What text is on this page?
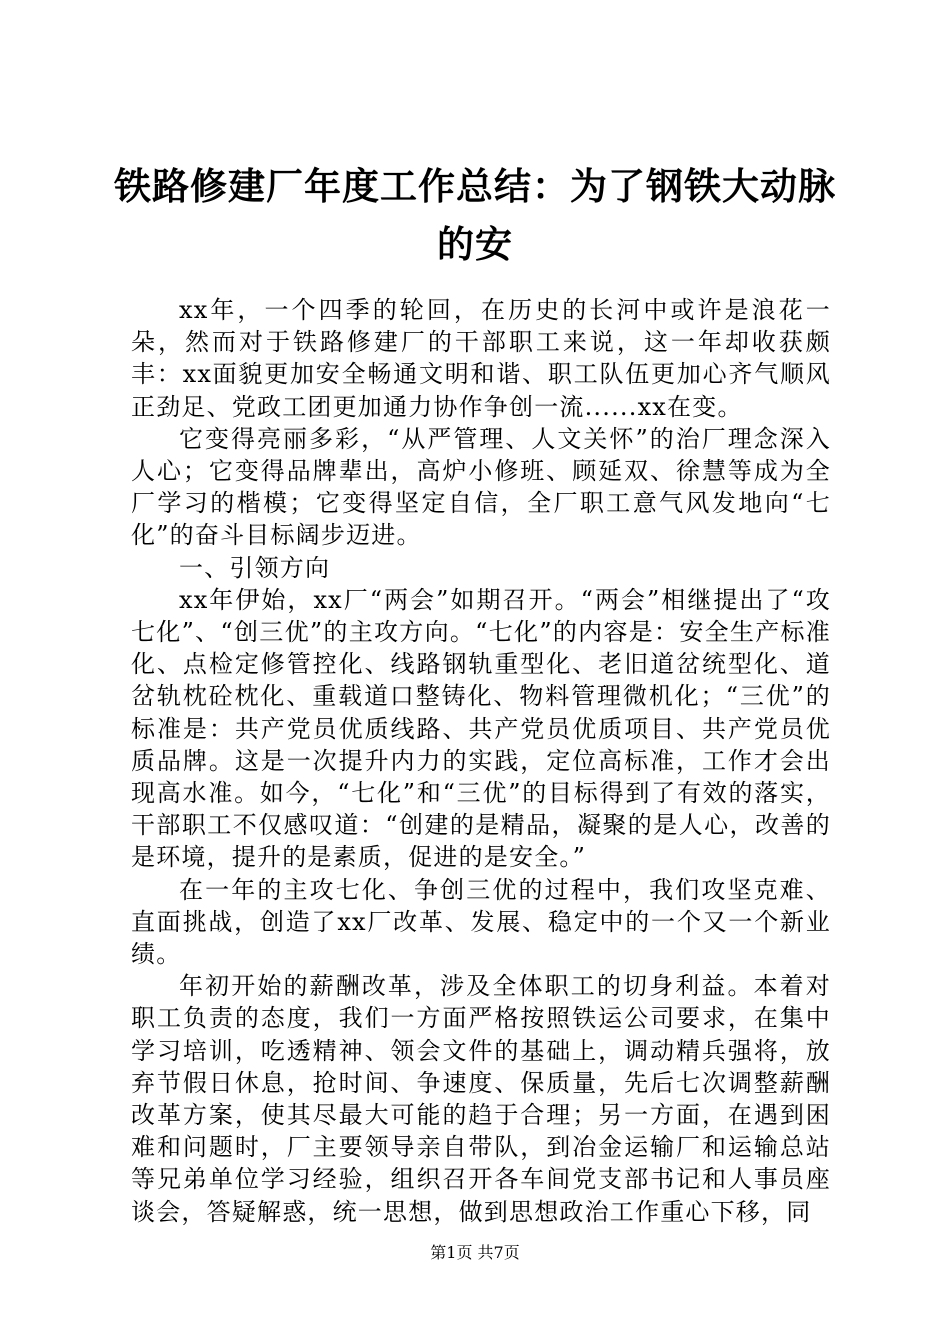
铁路修建厂年度工作总结：为了钢铁大动脉的安

xx年，一个四季的轮回，在历史的长河中或许是浪花一朵，然而对于铁路修建厂的干部职工来说，这一年却收获颇丰：xx面貌更加安全畅通文明和谐、职工队伍更加心齐气顺风正劲足、党政工团更加通力协作争创一流......xx在变。

它变得亮丽多彩，“从严管理、人文关怀”的治厂理念深入人心；它变得品牌辈出，高炉小修班、顾延双、徐慧等成为全厂学习的楷模；它变得坚定自信，全厂职工意气风发地向“七化”的奋斗目标阔步迈进。

一、引领方向

xx年伊始，xx厂“两会”如期召开。“两会”相继提出了“攻七化”、“创三优”的主攻方向。“七化”的内容是：安全生产标准化、点检定修管控化、线路钢轨重型化、老旧道岔统型化、道岔轨枕砼枕化、重载道口整铸化、物料管理微机化；“三优”的标准是：共产党员优质线路、共产党员优质项目、共产党员优质品牌。这是一次提升内力的实践，定位高标准，工作才会出现高水准。如今，“七化”和“三优”的目标得到了有效的落实，干部职工不仅感叹道：“创建的是精品，凝聚的是人心，改善的是环境，提升的是素质，促进的是安全。”

在一年的主攻七化、争创三优的过程中，我们攻坚克难、直面挑战，创造了xx厂改革、发展、稳定中的一个又一个新业绩。

年初开始的薪酬改革，涉及全体职工的切身利益。本着对职工负责的态度，我们一方面严格按照铁运公司要求，在集中学习培训，吃透精神、领会文件的基础上，调动精兵强将，放弃节假日休息，抢时间、争速度、保质量，先后七次调整薪酬改革方案，使其尽最大可能的趋于合理；另一方面，在遇到困难和问题时，厂主要领导亲自带队，到冶金运输厂和运输总站等兄弟单位学习经验，组织召开各车间党支部书记和人事员座谈会，答疑解惑，统一思想，做到思想政治工作重心下移，同

第1页 共7页
